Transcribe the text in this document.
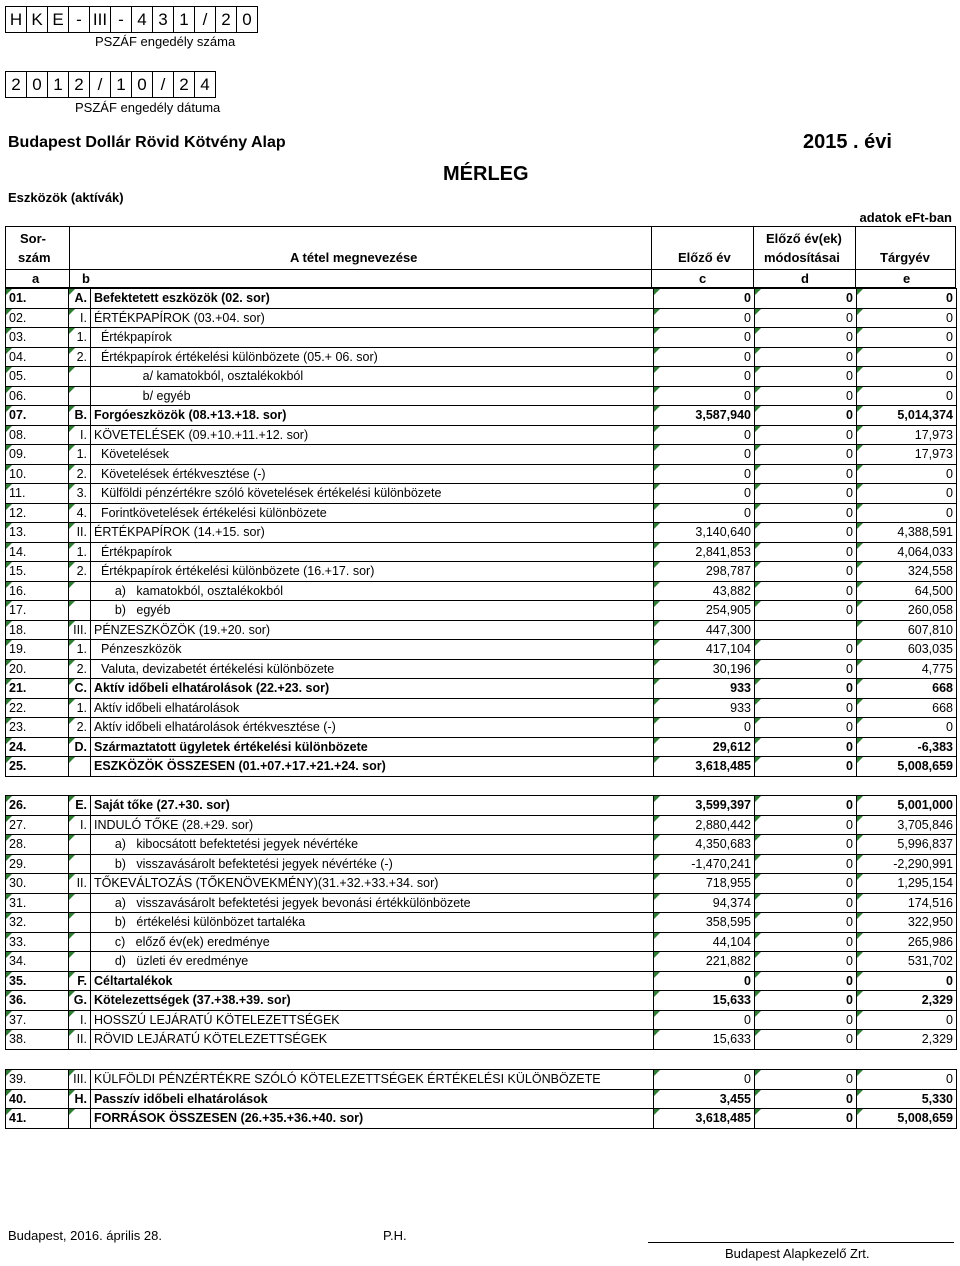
H K E - III - 4 3 1 / 2 0
PSZÁF engedély száma
2 0 1 2 / 1 0 / 2 4
PSZÁF engedély dátuma
Budapest Dollár Rövid Kötvény Alap	2015 . évi
MÉRLEG
Eszközök (aktívák)
adatok eFt-ban
Sor-
szám	A tétel megnevezése	Előző év
Előző év(ek)
módosításai	Tárgyév
a	b	c	d	e
01.	A.	Befektetett eszközök (02. sor)	0	0	0
02.	I.	ÉRTÉKPAPÍROK (03.+04. sor)	0	0	0
03.	1.	Értékpapírok	0	0	0
04.	2.	Értékpapírok értékelési különbözete (05.+ 06. sor)	0	0	0
05.		a/ kamatokból, osztalékokból	0	0	0
06.		b/ egyéb	0	0	0
07.	B.	Forgóeszközök (08.+13.+18. sor)	3,587,940	0	5,014,374
08.	I.	KÖVETELÉSEK (09.+10.+11.+12. sor)	0	0	17,973
09.	1.	Követelések	0	0	17,973
10.	2.	Követelések értékvesztése (-)	0	0	0
11.	3.	Külföldi pénzértékre szóló követelések értékelési különbözete	0	0	0
12.	4.	Forintkövetelések értékelési különbözete	0	0	0
13.	II.	ÉRTÉKPAPÍROK (14.+15. sor)	3,140,640	0	4,388,591
14.	1.	Értékpapírok	2,841,853	0	4,064,033
15.	2.	Értékpapírok értékelési különbözete (16.+17. sor)	298,787	0	324,558
16.		a)   kamatokból, osztalékokból	43,882	0	64,500
17.		b)   egyéb	254,905	0	260,058
18.	III.	PÉNZESZKÖZÖK (19.+20. sor)	447,300		607,810
19.	1.	Pénzeszközök	417,104	0	603,035
20.	2.	Valuta, devizabetét értékelési különbözete	30,196	0	4,775
21.	C.	Aktív időbeli elhatárolások (22.+23. sor)	933	0	668
22.	1.	Aktív időbeli elhatárolások	933	0	668
23.	2.	Aktív időbeli elhatárolások értékvesztése (-)	0	0	0
24.	D.	Származtatott ügyletek értékelési különbözete	29,612	0	-6,383
25.		ESZKÖZÖK ÖSSZESEN (01.+07.+17.+21.+24. sor)	3,618,485	0	5,008,659
26.	E.	Saját tőke (27.+30. sor)	3,599,397	0	5,001,000
27.	I.	INDULÓ TŐKE (28.+29. sor)	2,880,442	0	3,705,846
28.		a)   kibocsátott befektetési jegyek névértéke	4,350,683	0	5,996,837
29.		b)   visszavásárolt befektetési jegyek névértéke (-)	-1,470,241	0	-2,290,991
30.	II.	TŐKEVÁLTOZÁS (TŐKENÖVEKMÉNY)(31.+32.+33.+34. sor)	718,955	0	1,295,154
31.		a)   visszavásárolt befektetési jegyek bevonási értékkülönbözete	94,374	0	174,516
32.		b)   értékelési különbözet tartaléka	358,595	0	322,950
33.		c)   előző év(ek) eredménye	44,104	0	265,986
34.		d)   üzleti év eredménye	221,882	0	531,702
35.	F.	Céltartalékok	0	0	0
36.	G.	Kötelezettségek (37.+38.+39. sor)	15,633	0	2,329
37.	I.	HOSSZÚ LEJÁRATÚ KÖTELEZETTSÉGEK	0	0	0
38.	II.	RÖVID LEJÁRATÚ KÖTELEZETTSÉGEK	15,633	0	2,329
39.	III.	KÜLFÖLDI PÉNZÉRTÉKRE SZÓLÓ KÖTELEZETTSÉGEK ÉRTÉKELÉSI KÜLÖNBÖZETE	0	0	0
40.	H.	Passzív időbeli elhatárolások	3,455	0	5,330
41.		FORRÁSOK ÖSSZESEN (26.+35.+36.+40. sor)	3,618,485	0	5,008,659
Budapest, 2016. április 28.	P.H.
Budapest Alapkezelő Zrt.
